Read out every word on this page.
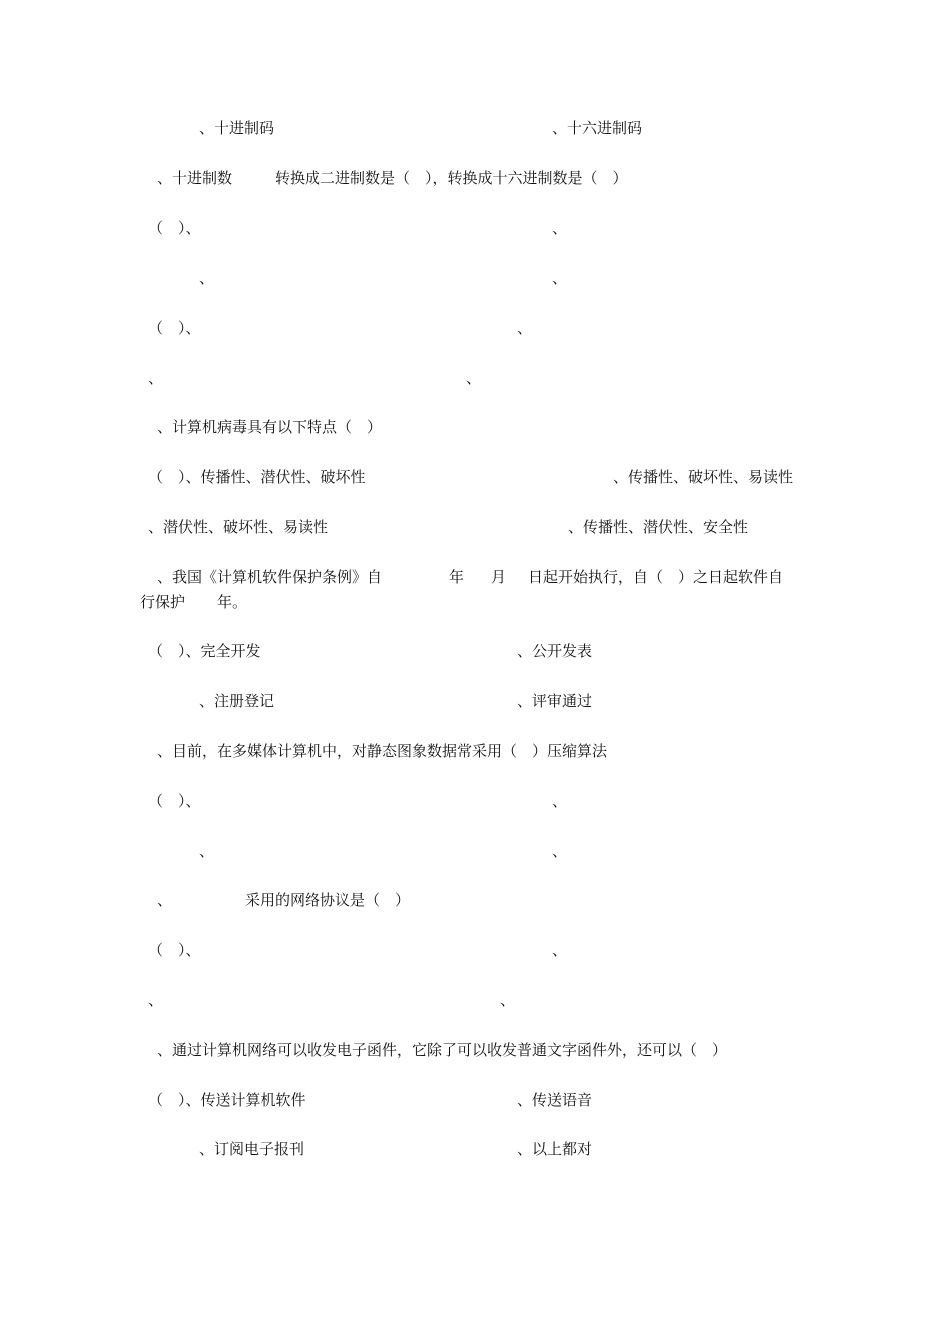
、十进制码	、十六进制码
、十进制数	转换成二进制数是（　），转换成十六进制数是（　）
（　）、	、
、	、
（　）、	、
、	、
、计算机病毒具有以下特点（　）
（　）、传播性、潜伏性、破坏性	、传播性、破坏性、易读性
、潜伏性、破坏性、易读性	、传播性、潜伏性、安全性
、我国《计算机软件保护条例》自	年 月 日起开始执行，自（　）之日起软件自
行保护 年。
（　）、完全开发	、公开发表
、注册登记	、评审通过
、目前，在多媒体计算机中，对静态图象数据常采用（　）压缩算法
（　）、	、
、	、
、	采用的网络协议是（　）
（　）、	、
、	、
、通过计算机网络可以收发电子函件，它除了可以收发普通文字函件外，还可以（　）
（　）、传送计算机软件	、传送语音
、订阅电子报刊	、以上都对
